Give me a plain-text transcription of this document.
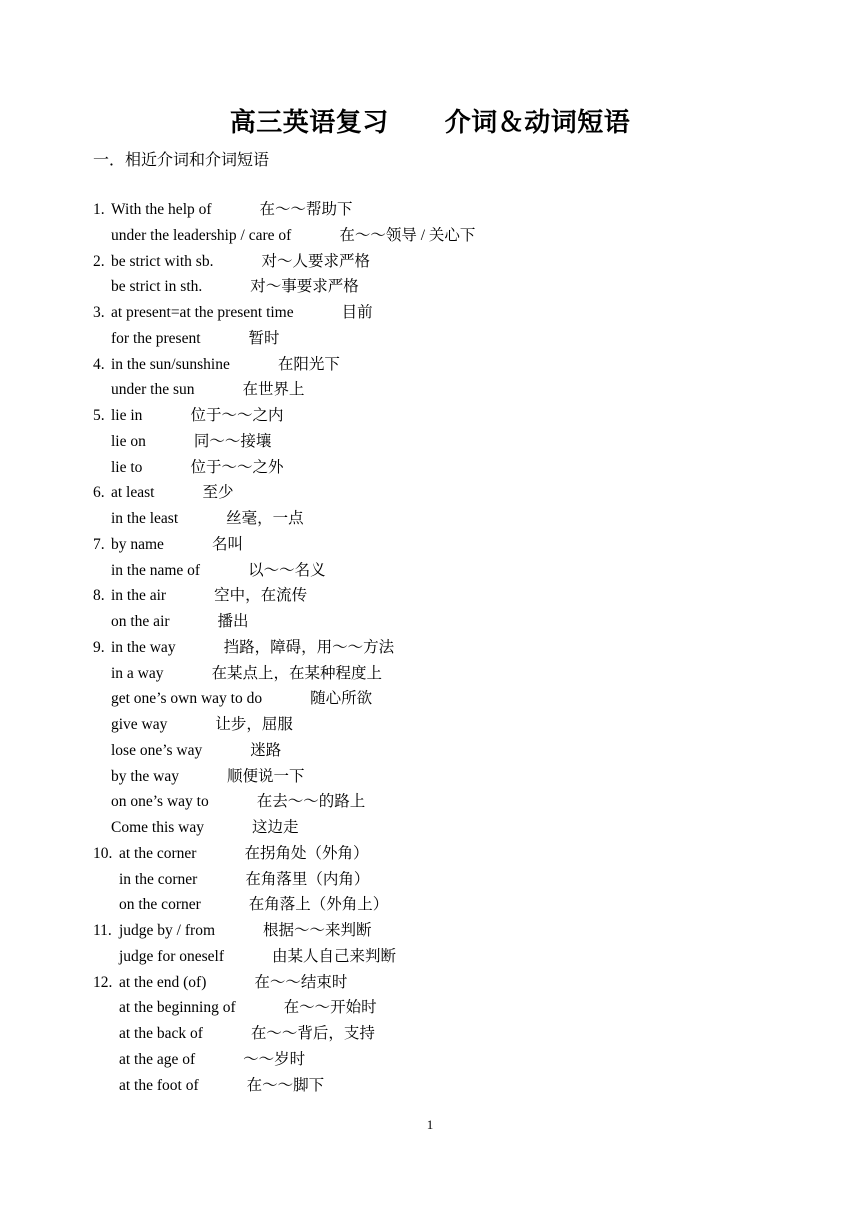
高三英语复习        介词＆动词短语
一．相近介词和介词短语
1. With the help of	在～～帮助下
under the leadership / care of	在～～领导 / 关心下
2. be strict with sb.	对～人要求严格
be strict in sth.	对～事要求严格
3. at present=at the present time	目前
for the present	暂时
4. in the sun/sunshine	在阳光下
under the sun	在世界上
5. lie in	位于～～之内
lie on	同～～接壤
lie to	位于～～之外
6. at least	至少
in the least	丝毫，一点
7. by name	名叫
in the name of	以～～名义
8. in the air	空中，在流传
on the air	播出
9. in the way	挡路，障碍，用～～方法
in a way	在某点上，在某种程度上
get one’s own way to do	随心所欲
give way	让步，屈服
lose one’s way	迷路
by the way	顺便说一下
on one’s way to	在去～～的路上
Come this way	这边走
10. at the corner	在拐角处（外角）
in the corner	在角落里（内角）
on the corner	在角落上（外角上）
11. judge by / from	根据～～来判断
judge for oneself	由某人自己来判断
12. at the end (of)	在～～结束时
at the beginning of	在～～开始时
at the back of	在～～背后，支持
at the age of	～～岁时
at the foot of	在～～脚下
1
